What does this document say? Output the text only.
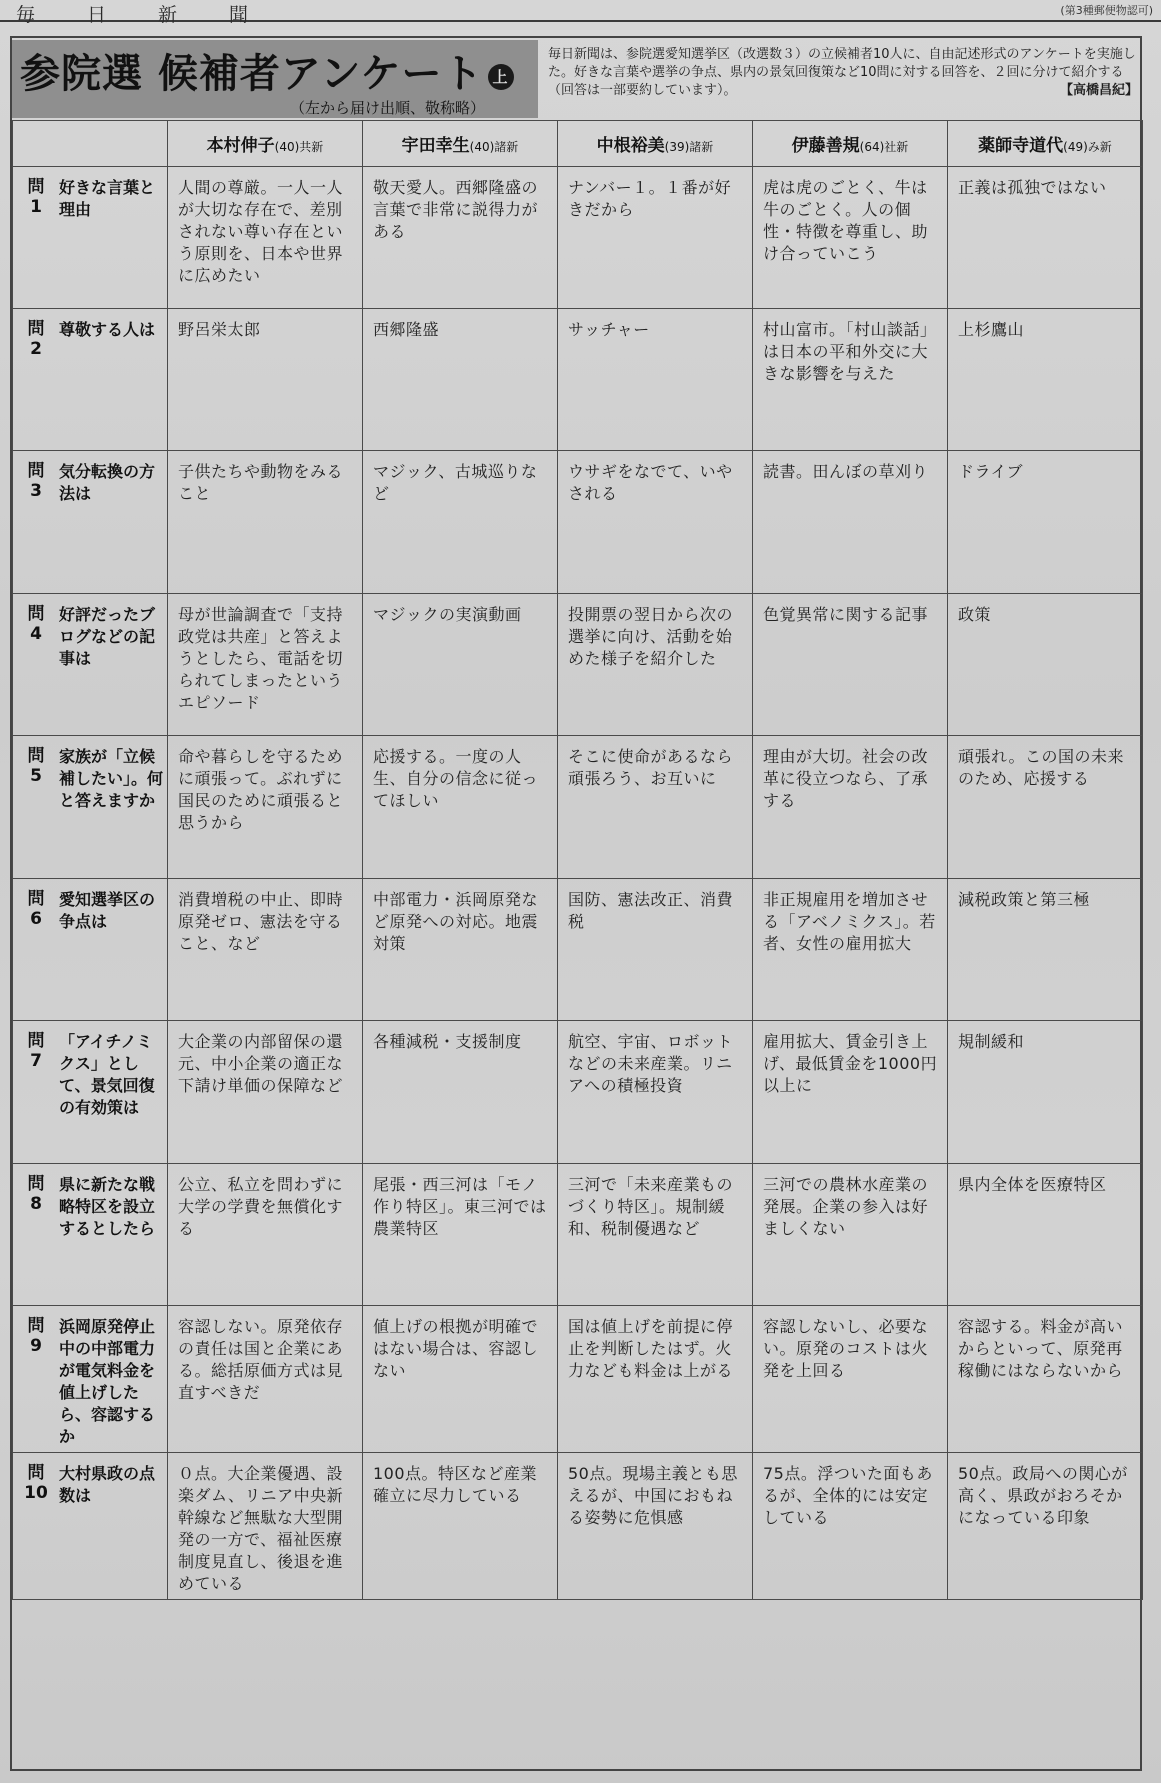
毎日新聞	(第3種郵便物認可)
参院選 候補者アンケート 上
（左から届け出順、敬称略）
毎日新聞は、参院選愛知選挙区（改選数３）の立候補者10人に、自由記述形式のアンケートを実施した。好きな言葉や選挙の争点、県内の景気回復策など10問に対する回答を、２回に分けて紹介する（回答は一部要約しています）。	【高橋昌紀】
	本村伸子(40)共新	宇田幸生(40)諸新	中根裕美(39)諸新	伊藤善規(64)社新	薬師寺道代(49)み新

問
1
好きな言葉と理由	人間の尊厳。一人一人が大切な存在で、差別されない尊い存在という原則を、日本や世界に広めたい	敬天愛人。西郷隆盛の言葉で非常に説得力がある	ナンバー１。１番が好きだから	虎は虎のごとく、牛は牛のごとく。人の個性・特徴を尊重し、助け合っていこう	正義は孤独ではない

問
2
尊敬する人は	野呂栄太郎	西郷隆盛	サッチャー	村山富市。「村山談話」は日本の平和外交に大きな影響を与えた	上杉鷹山

問
3
気分転換の方法は	子供たちや動物をみること	マジック、古城巡りなど	ウサギをなでて、いやされる	読書。田んぼの草刈り	ドライブ

問
4
好評だったブログなどの記事は	母が世論調査で「支持政党は共産」と答えようとしたら、電話を切られてしまったというエピソード	マジックの実演動画	投開票の翌日から次の選挙に向け、活動を始めた様子を紹介した	色覚異常に関する記事	政策

問
5
家族が「立候補したい」。何と答えますか	命や暮らしを守るために頑張って。ぶれずに国民のために頑張ると思うから	応援する。一度の人生、自分の信念に従ってほしい	そこに使命があるなら頑張ろう、お互いに	理由が大切。社会の改革に役立つなら、了承する	頑張れ。この国の未来のため、応援する

問
6
愛知選挙区の争点は	消費増税の中止、即時原発ゼロ、憲法を守ること、など	中部電力・浜岡原発など原発への対応。地震対策	国防、憲法改正、消費税	非正規雇用を増加させる「アベノミクス」。若者、女性の雇用拡大	減税政策と第三極

問
7
「アイチノミクス」として、景気回復の有効策は	大企業の内部留保の還元、中小企業の適正な下請け単価の保障など	各種減税・支援制度	航空、宇宙、ロボットなどの未来産業。リニアへの積極投資	雇用拡大、賃金引き上げ、最低賃金を1000円以上に	規制緩和

問
8
県に新たな戦略特区を設立するとしたら	公立、私立を問わずに大学の学費を無償化する	尾張・西三河は「モノ作り特区」。東三河では農業特区	三河で「未来産業ものづくり特区」。規制緩和、税制優遇など	三河での農林水産業の発展。企業の参入は好ましくない	県内全体を医療特区

問
9
浜岡原発停止中の中部電力が電気料金を値上げしたら、容認するか	容認しない。原発依存の責任は国と企業にある。総括原価方式は見直すべきだ	値上げの根拠が明確ではない場合は、容認しない	国は値上げを前提に停止を判断したはず。火力なども料金は上がる	容認しないし、必要ない。原発のコストは火発を上回る	容認する。料金が高いからといって、原発再稼働にはならないから

問
10
大村県政の点数は	０点。大企業優遇、設楽ダム、リニア中央新幹線など無駄な大型開発の一方で、福祉医療制度見直し、後退を進めている	100点。特区など産業確立に尽力している	50点。現場主義とも思えるが、中国におもねる姿勢に危惧感	75点。浮ついた面もあるが、全体的には安定している	50点。政局への関心が高く、県政がおろそかになっている印象
